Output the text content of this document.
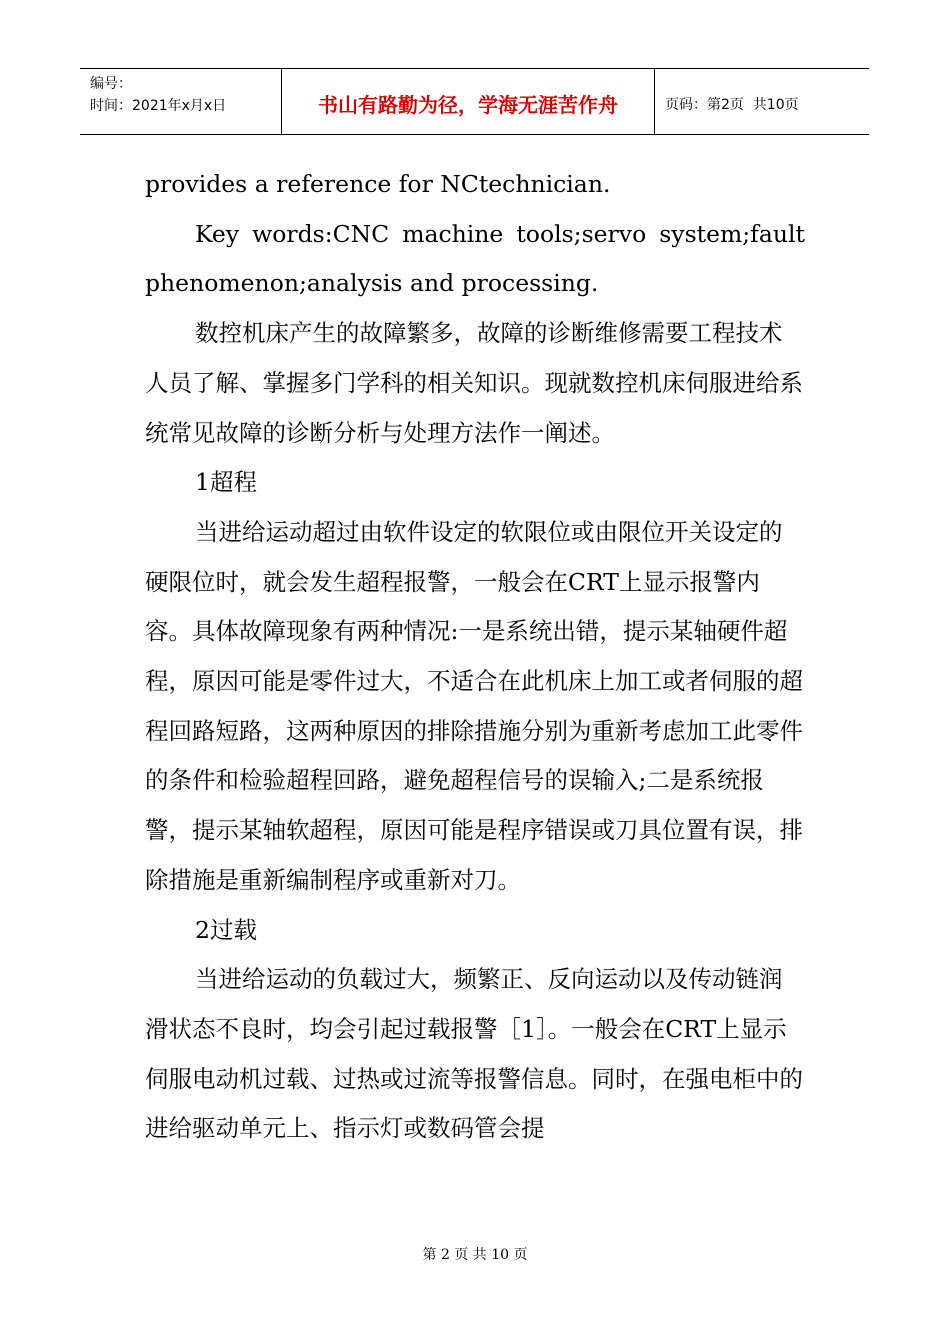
编号：
时间：2021年x月x日	书山有路勤为径，学海无涯苦作舟	页码：第2页  共10页

provides a reference for NCtechnician.

Key words:CNC machine tools;servo system;fault

phenomenon;analysis and processing.

数控机床产生的故障繁多，故障的诊断维修需要工程技术人员了解、掌握多门学科的相关知识。现就数控机床伺服进给系统常见故障的诊断分析与处理方法作一阐述。

1超程

当进给运动超过由软件设定的软限位或由限位开关设定的硬限位时，就会发生超程报警，一般会在CRT上显示报警内容。具体故障现象有两种情况:一是系统出错，提示某轴硬件超程，原因可能是零件过大，不适合在此机床上加工或者伺服的超程回路短路，这两种原因的排除措施分别为重新考虑加工此零件的条件和检验超程回路，避免超程信号的误输入;二是系统报警，提示某轴软超程，原因可能是程序错误或刀具位置有误，排除措施是重新编制程序或重新对刀。

2过载

当进给运动的负载过大，频繁正、反向运动以及传动链润滑状态不良时，均会引起过载报警［1］。一般会在CRT上显示伺服电动机过载、过热或过流等报警信息。同时，在强电柜中的进给驱动单元上、指示灯或数码管会提

第 2 页 共 10 页
